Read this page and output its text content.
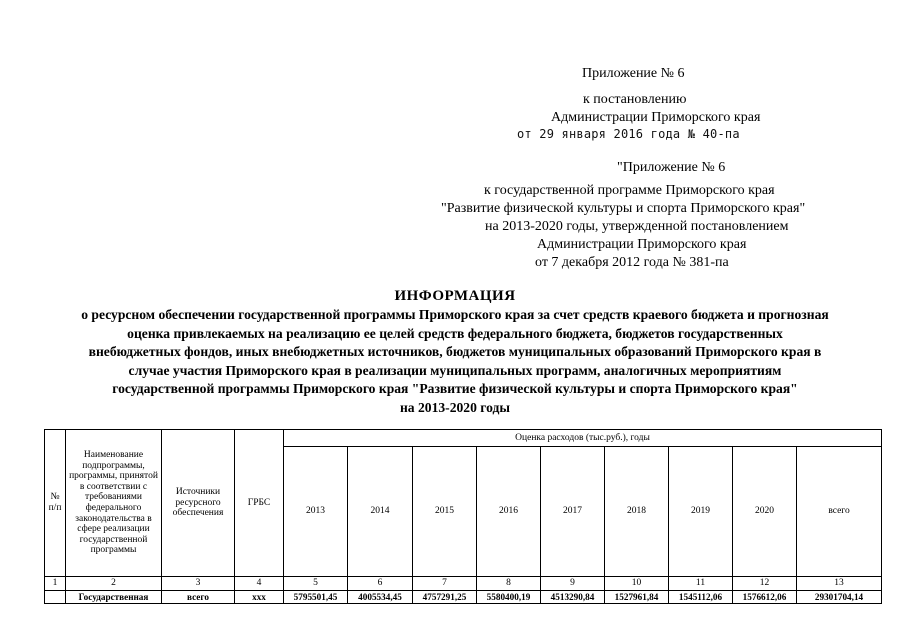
Приложение № 6
к постановлению
Администрации Приморского края
от 29 января 2016 года № 40-па
"Приложение № 6
к государственной программе Приморского края
"Развитие физической культуры и спорта Приморского края"
на 2013-2020 годы, утвержденной постановлением
Администрации Приморского края
от 7 декабря 2012 года № 381-па
ИНФОРМАЦИЯ
о ресурсном обеспечении государственной программы Приморского края за счет средств краевого бюджета и прогнозная
оценка привлекаемых на реализацию ее целей средств федерального бюджета, бюджетов государственных
внебюджетных фондов, иных внебюджетных источников, бюджетов муниципальных образований Приморского края в
случае участия Приморского края в реализации муниципальных программ, аналогичных мероприятиям
государственной программы Приморского края "Развитие физической культуры и спорта Приморского края"
на 2013-2020 годы
№ п/п	Наименование подпрограммы, программы, принятой в соответствии с требованиями федерального законодательства в сфере реализации государственной программы	Источники ресурсного обеспечения	ГРБС	Оценка расходов (тыс.руб.), годы								
				2013	2014	2015	2016	2017	2018	2019	2020	всего
1	2	3	4	5	6	7	8	9	10	11	12	13
	Государственная	всего	ххх	5795501,45	4005534,45	4757291,25	5580400,19	4513290,84	1527961,84	1545112,06	1576612,06	29301704,14
